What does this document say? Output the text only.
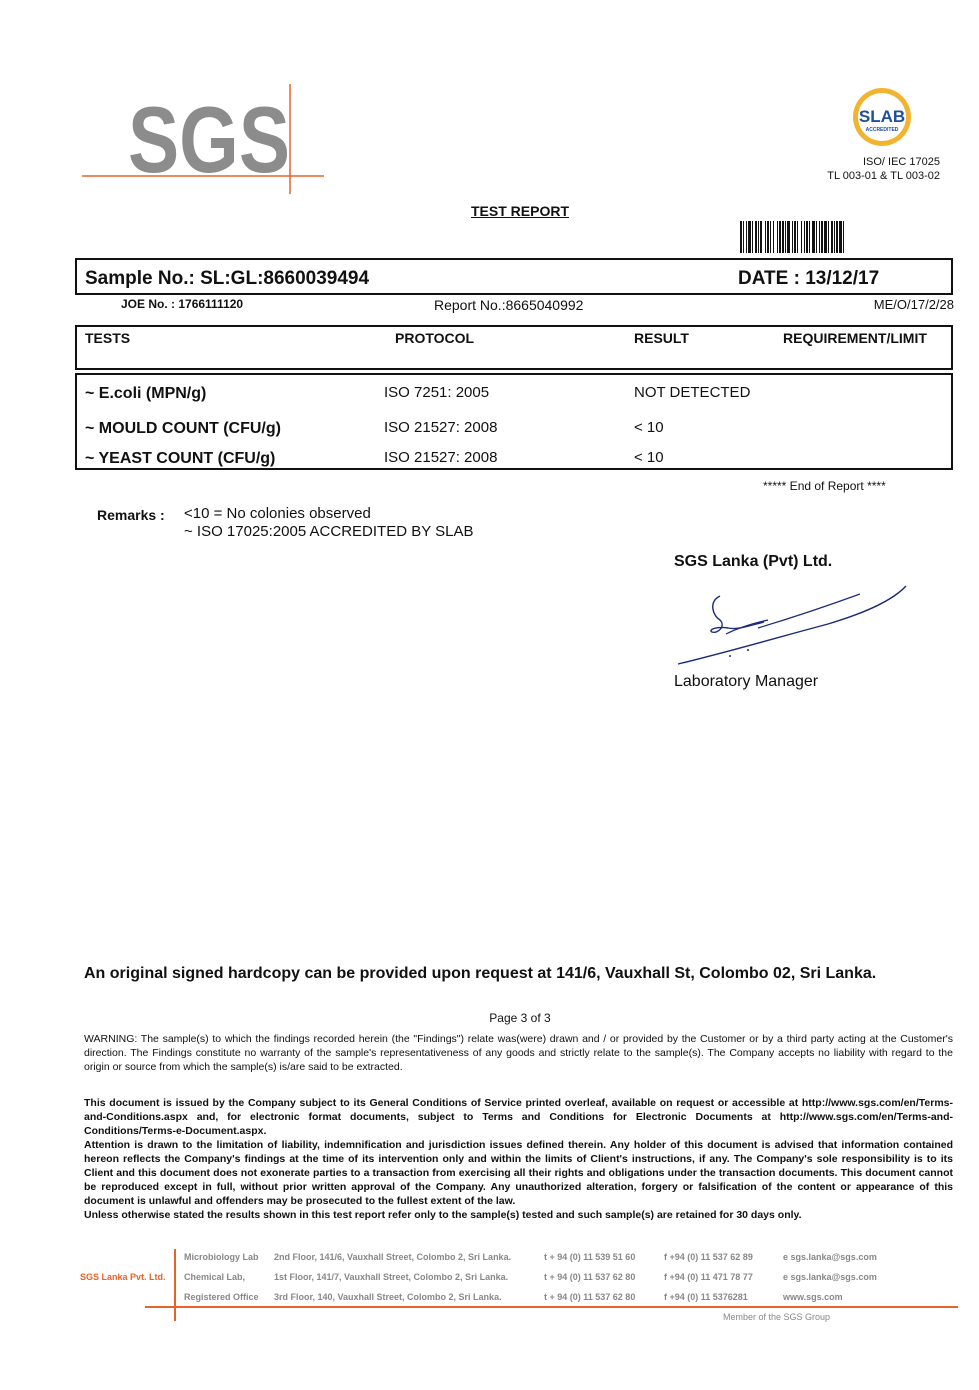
SGS	SLAB
ACCREDITED
ISO/ IEC 17025
TL 003-01 & TL 003-02
TEST REPORT
Sample No.: SL:GL:8660039494	DATE : 13/12/17
JOE No. : 1766111120	Report No.:8665040992	ME/O/17/2/28
TESTS	PROTOCOL	RESULT	REQUIREMENT/LIMIT
~ E.coli (MPN/g)	ISO 7251: 2005	NOT DETECTED
~ MOULD COUNT (CFU/g)	ISO 21527: 2008	< 10
~ YEAST COUNT (CFU/g)	ISO 21527: 2008	< 10
***** End of Report ****
Remarks : <10 = No colonies observed
~ ISO 17025:2005 ACCREDITED BY SLAB
SGS Lanka (Pvt) Ltd.
Laboratory Manager
An original signed hardcopy can be provided upon request at 141/6, Vauxhall St, Colombo 02, Sri Lanka.
Page 3 of 3
WARNING: The sample(s) to which the findings recorded herein (the "Findings") relate was(were) drawn and / or provided by the Customer or by a third party acting at the Customer's direction. The Findings constitute no warranty of the sample's representativeness of any goods and strictly relate to the sample(s). The Company accepts no liability with regard to the origin or source from which the sample(s) is/are said to be extracted.

This document is issued by the Company subject to its General Conditions of Service printed overleaf, available on request or accessible at http://www.sgs.com/en/Terms-and-Conditions.aspx and, for electronic format documents, subject to Terms and Conditions for Electronic Documents at http://www.sgs.com/en/Terms-and-Conditions/Terms-e-Document.aspx.

Attention is drawn to the limitation of liability, indemnification and jurisdiction issues defined therein. Any holder of this document is advised that information contained hereon reflects the Company's findings at the time of its intervention only and within the limits of Client's instructions, if any. The Company's sole responsibility is to its Client and this document does not exonerate parties to a transaction from exercising all their rights and obligations under the transaction documents. This document cannot be reproduced except in full, without prior written approval of the Company. Any unauthorized alteration, forgery or falsification of the content or appearance of this document is unlawful and offenders may be prosecuted to the fullest extent of the law.

Unless otherwise stated the results shown in this test report refer only to the sample(s) tested and such sample(s) are retained for 30 days only.

SGS Lanka Pvt. Ltd.
Microbiology Lab 2nd Floor, 141/6, Vauxhall Street, Colombo 2, Sri Lanka.	t + 94 (0) 11 539 51 60	f +94 (0) 11 537 62 89	e sgs.lanka@sgs.com
Chemical Lab,	1st Floor, 141/7, Vauxhall Street, Colombo 2, Sri Lanka.	t + 94 (0) 11 537 62 80	f +94 (0) 11 471 78 77	e sgs.lanka@sgs.com
Registered Office 3rd Floor, 140, Vauxhall Street, Colombo 2, Sri Lanka.	t + 94 (0) 11 537 62 80	f +94 (0) 11 5376281	www.sgs.com
Member of the SGS Group
